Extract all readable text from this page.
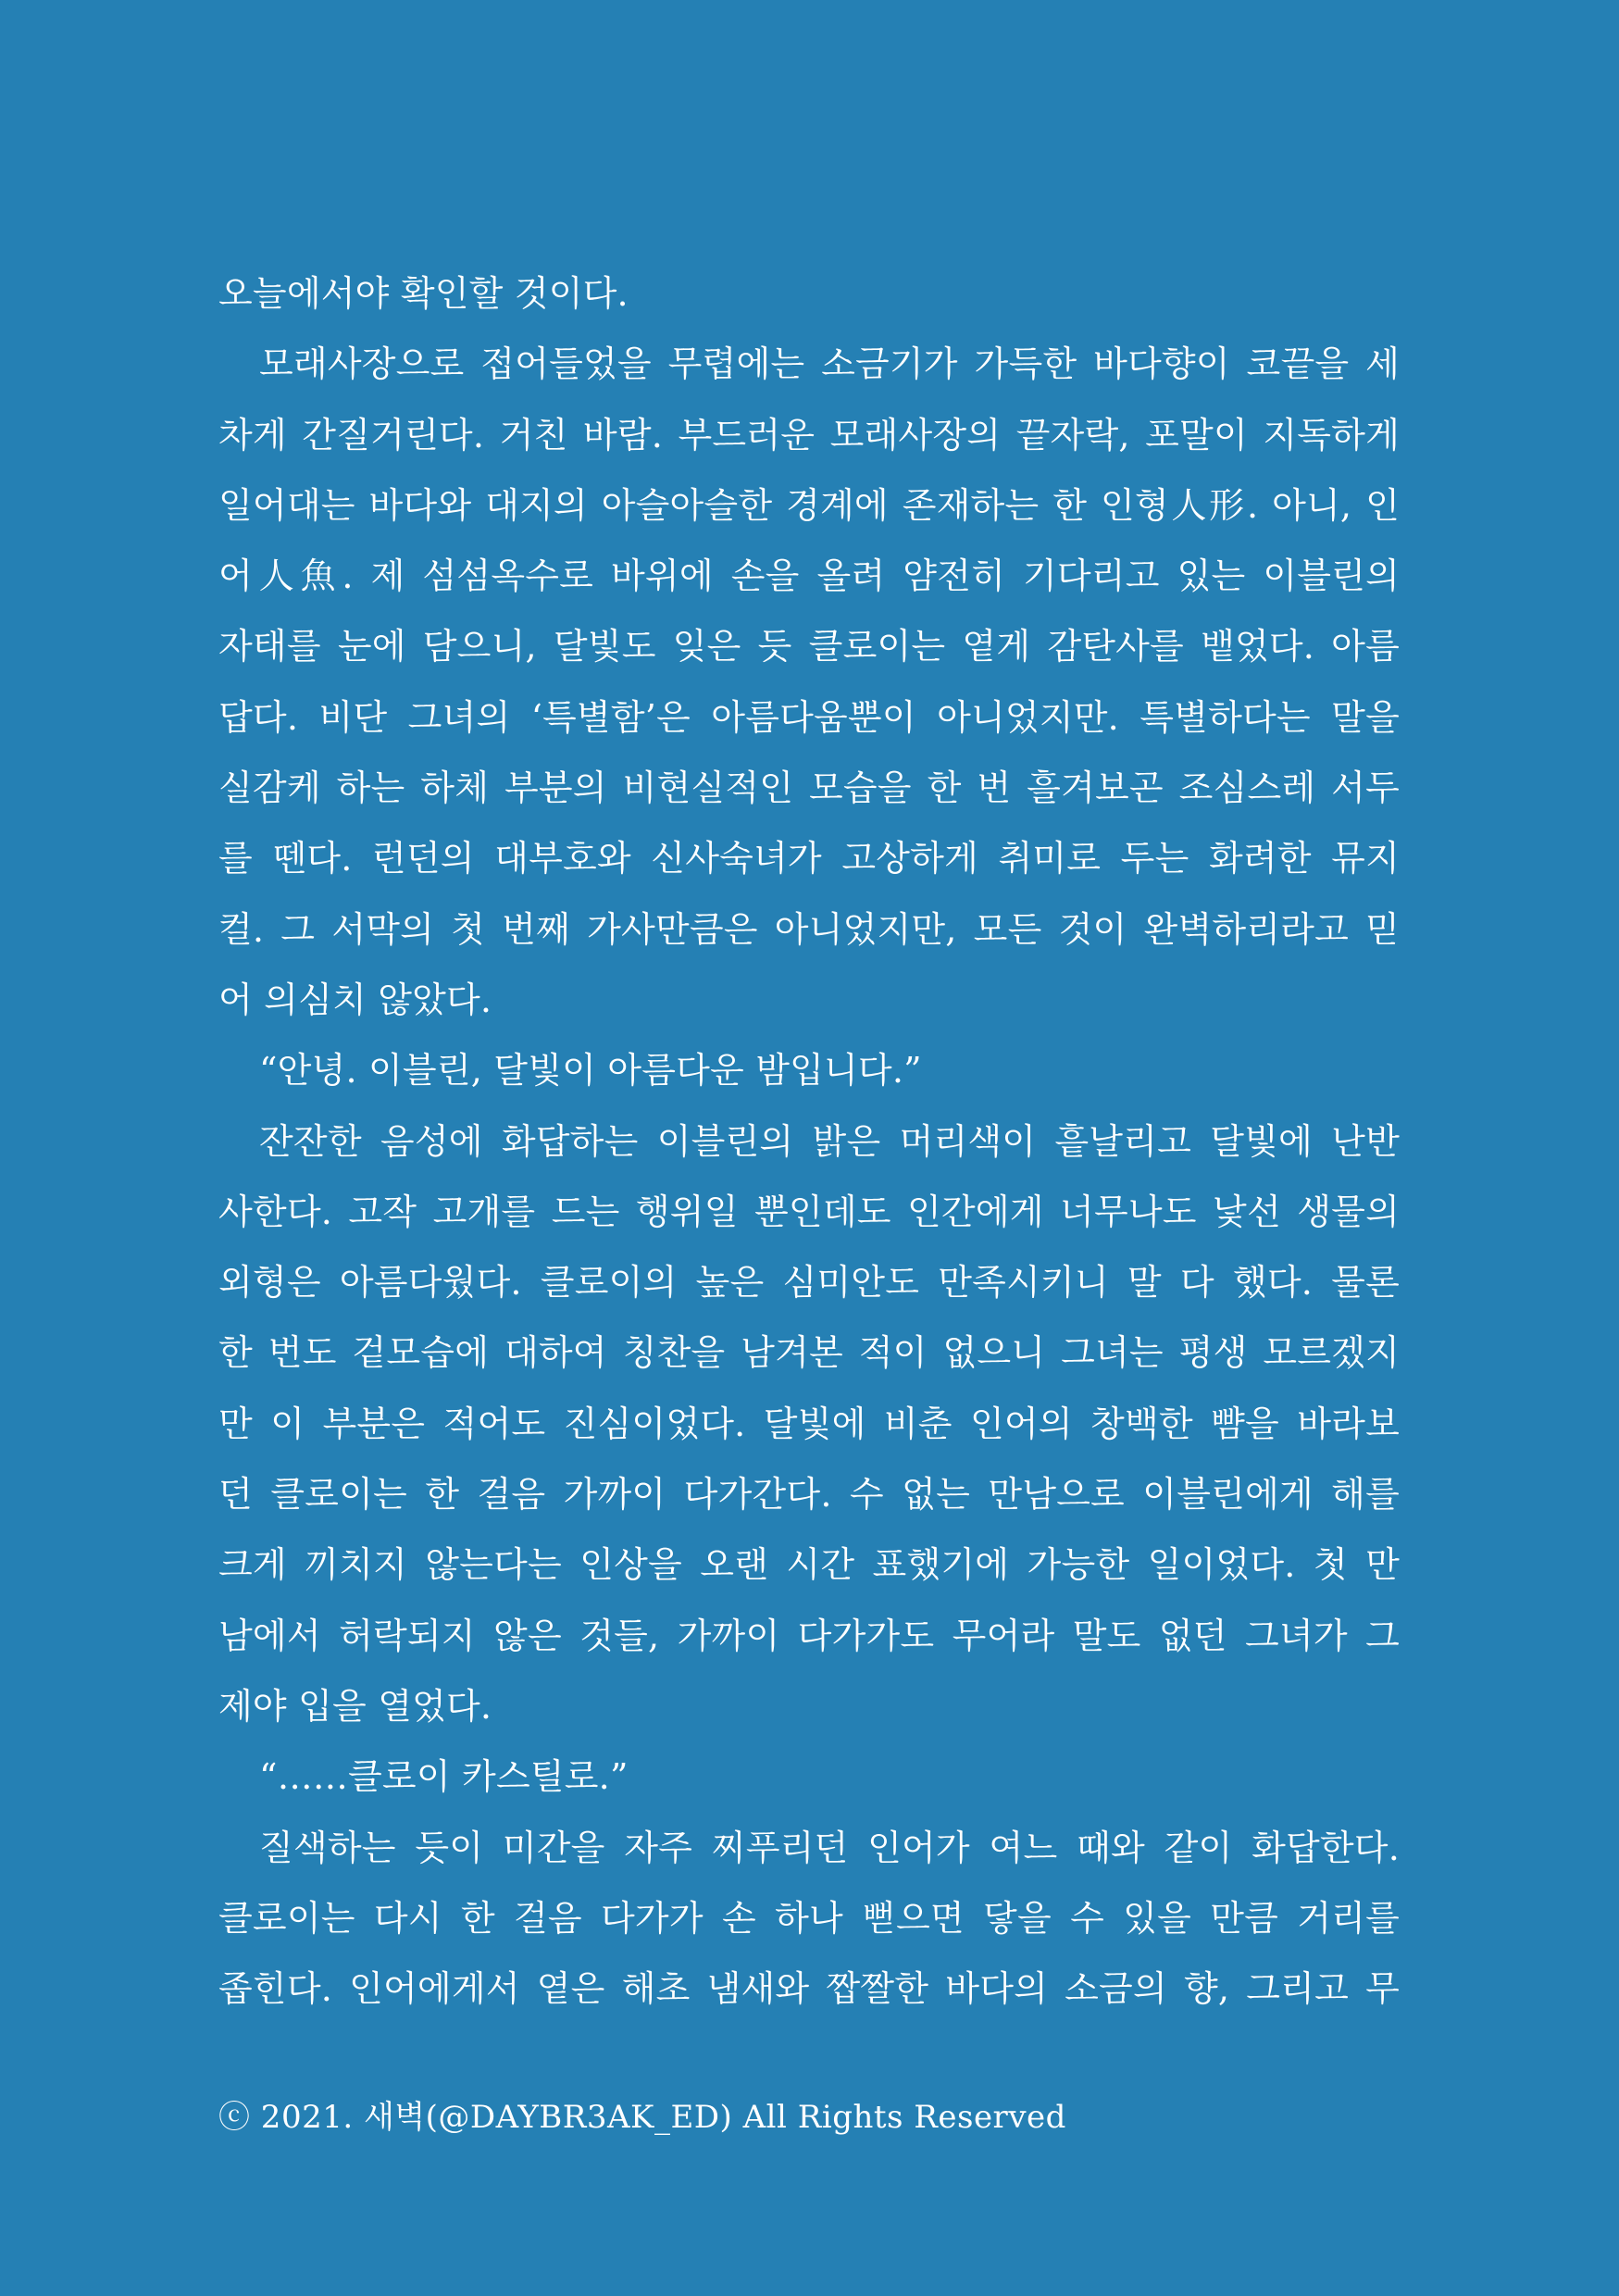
오늘에서야 확인할 것이다.
모래사장으로 접어들었을 무렵에는 소금기가 가득한 바다향이 코끝을 세
차게 간질거린다. 거친 바람. 부드러운 모래사장의 끝자락, 포말이 지독하게
일어대는 바다와 대지의 아슬아슬한 경계에 존재하는 한 인형人形. 아니, 인
어人魚. 제 섬섬옥수로 바위에 손을 올려 얌전히 기다리고 있는 이블린의
자태를 눈에 담으니, 달빛도 잊은 듯 클로이는 옅게 감탄사를 뱉었다. 아름
답다. 비단 그녀의 ‘특별함’은 아름다움뿐이 아니었지만. 특별하다는 말을
실감케 하는 하체 부분의 비현실적인 모습을 한 번 흘겨보곤 조심스레 서두
를 뗀다. 런던의 대부호와 신사숙녀가 고상하게 취미로 두는 화려한 뮤지
컬. 그 서막의 첫 번째 가사만큼은 아니었지만, 모든 것이 완벽하리라고 믿
어 의심치 않았다.
“안녕. 이블린, 달빛이 아름다운 밤입니다.”
잔잔한 음성에 화답하는 이블린의 밝은 머리색이 흩날리고 달빛에 난반
사한다. 고작 고개를 드는 행위일 뿐인데도 인간에게 너무나도 낯선 생물의
외형은 아름다웠다. 클로이의 높은 심미안도 만족시키니 말 다 했다. 물론
한 번도 겉모습에 대하여 칭찬을 남겨본 적이 없으니 그녀는 평생 모르겠지
만 이 부분은 적어도 진심이었다. 달빛에 비춘 인어의 창백한 뺨을 바라보
던 클로이는 한 걸음 가까이 다가간다. 수 없는 만남으로 이블린에게 해를
크게 끼치지 않는다는 인상을 오랜 시간 표했기에 가능한 일이었다. 첫 만
남에서 허락되지 않은 것들, 가까이 다가가도 무어라 말도 없던 그녀가 그
제야 입을 열었다.
“……클로이 카스틸로.”
질색하는 듯이 미간을 자주 찌푸리던 인어가 여느 때와 같이 화답한다.
클로이는 다시 한 걸음 다가가 손 하나 뻗으면 닿을 수 있을 만큼 거리를
좁힌다. 인어에게서 옅은 해초 냄새와 짭짤한 바다의 소금의 향, 그리고 무
ⓒ 2021. 새벽(@DAYBR3AK_ED) All Rights Reserved
